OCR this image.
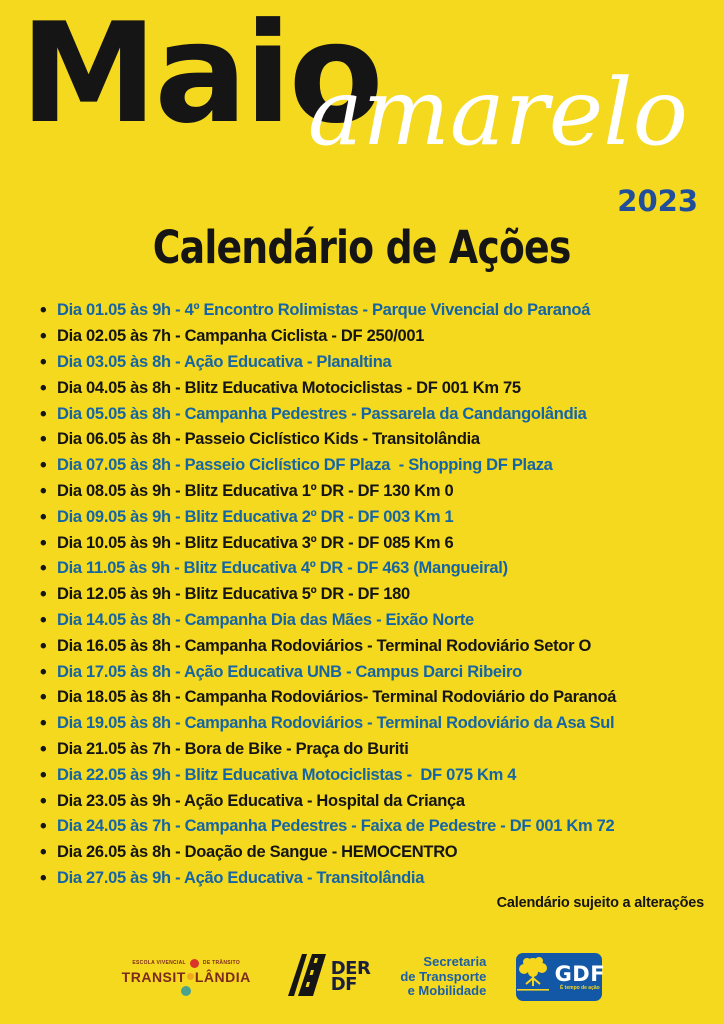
Maio
amarelo
2023
Calendário de Ações
• Dia 01.05 às 9h - 4º Encontro Rolimistas - Parque Vivencial do Paranoá
• Dia 02.05 às 7h - Campanha Ciclista - DF 250/001
• Dia 03.05 às 8h - Ação Educativa - Planaltina
• Dia 04.05 às 8h - Blitz Educativa Motociclistas - DF 001 Km 75
• Dia 05.05 às 8h - Campanha Pedestres - Passarela da Candangolândia
• Dia 06.05 às 8h - Passeio Ciclístico Kids - Transitolândia
• Dia 07.05 às 8h - Passeio Ciclístico DF Plaza  - Shopping DF Plaza
• Dia 08.05 às 9h - Blitz Educativa 1º DR - DF 130 Km 0
• Dia 09.05 às 9h - Blitz Educativa 2º DR - DF 003 Km 1
• Dia 10.05 às 9h - Blitz Educativa 3º DR - DF 085 Km 6
• Dia 11.05 às 9h - Blitz Educativa 4º DR - DF 463 (Mangueiral)
• Dia 12.05 às 9h - Blitz Educativa 5º DR - DF 180
• Dia 14.05 às 8h - Campanha Dia das Mães - Eixão Norte
• Dia 16.05 às 8h - Campanha Rodoviários - Terminal Rodoviário Setor O
• Dia 17.05 às 8h - Ação Educativa UNB - Campus Darci Ribeiro
• Dia 18.05 às 8h - Campanha Rodoviários- Terminal Rodoviário do Paranoá
• Dia 19.05 às 8h - Campanha Rodoviários - Terminal Rodoviário da Asa Sul
• Dia 21.05 às 7h - Bora de Bike - Praça do Buriti
• Dia 22.05 às 9h - Blitz Educativa Motociclistas -  DF 075 Km 4
• Dia 23.05 às 9h - Ação Educativa - Hospital da Criança
• Dia 24.05 às 7h - Campanha Pedestres - Faixa de Pedestre - DF 001 Km 72
• Dia 26.05 às 8h - Doação de Sangue - HEMOCENTRO
• Dia 27.05 às 9h - Ação Educativa - Transitolândia
Calendário sujeito a alterações
ESCOLA VIVENCIAL	DE TRÂNSITO
TRANSIT LÂNDIA	DER
DF
Secretaria
de Transporte
e Mobilidade
GDF
É tempo de ação
